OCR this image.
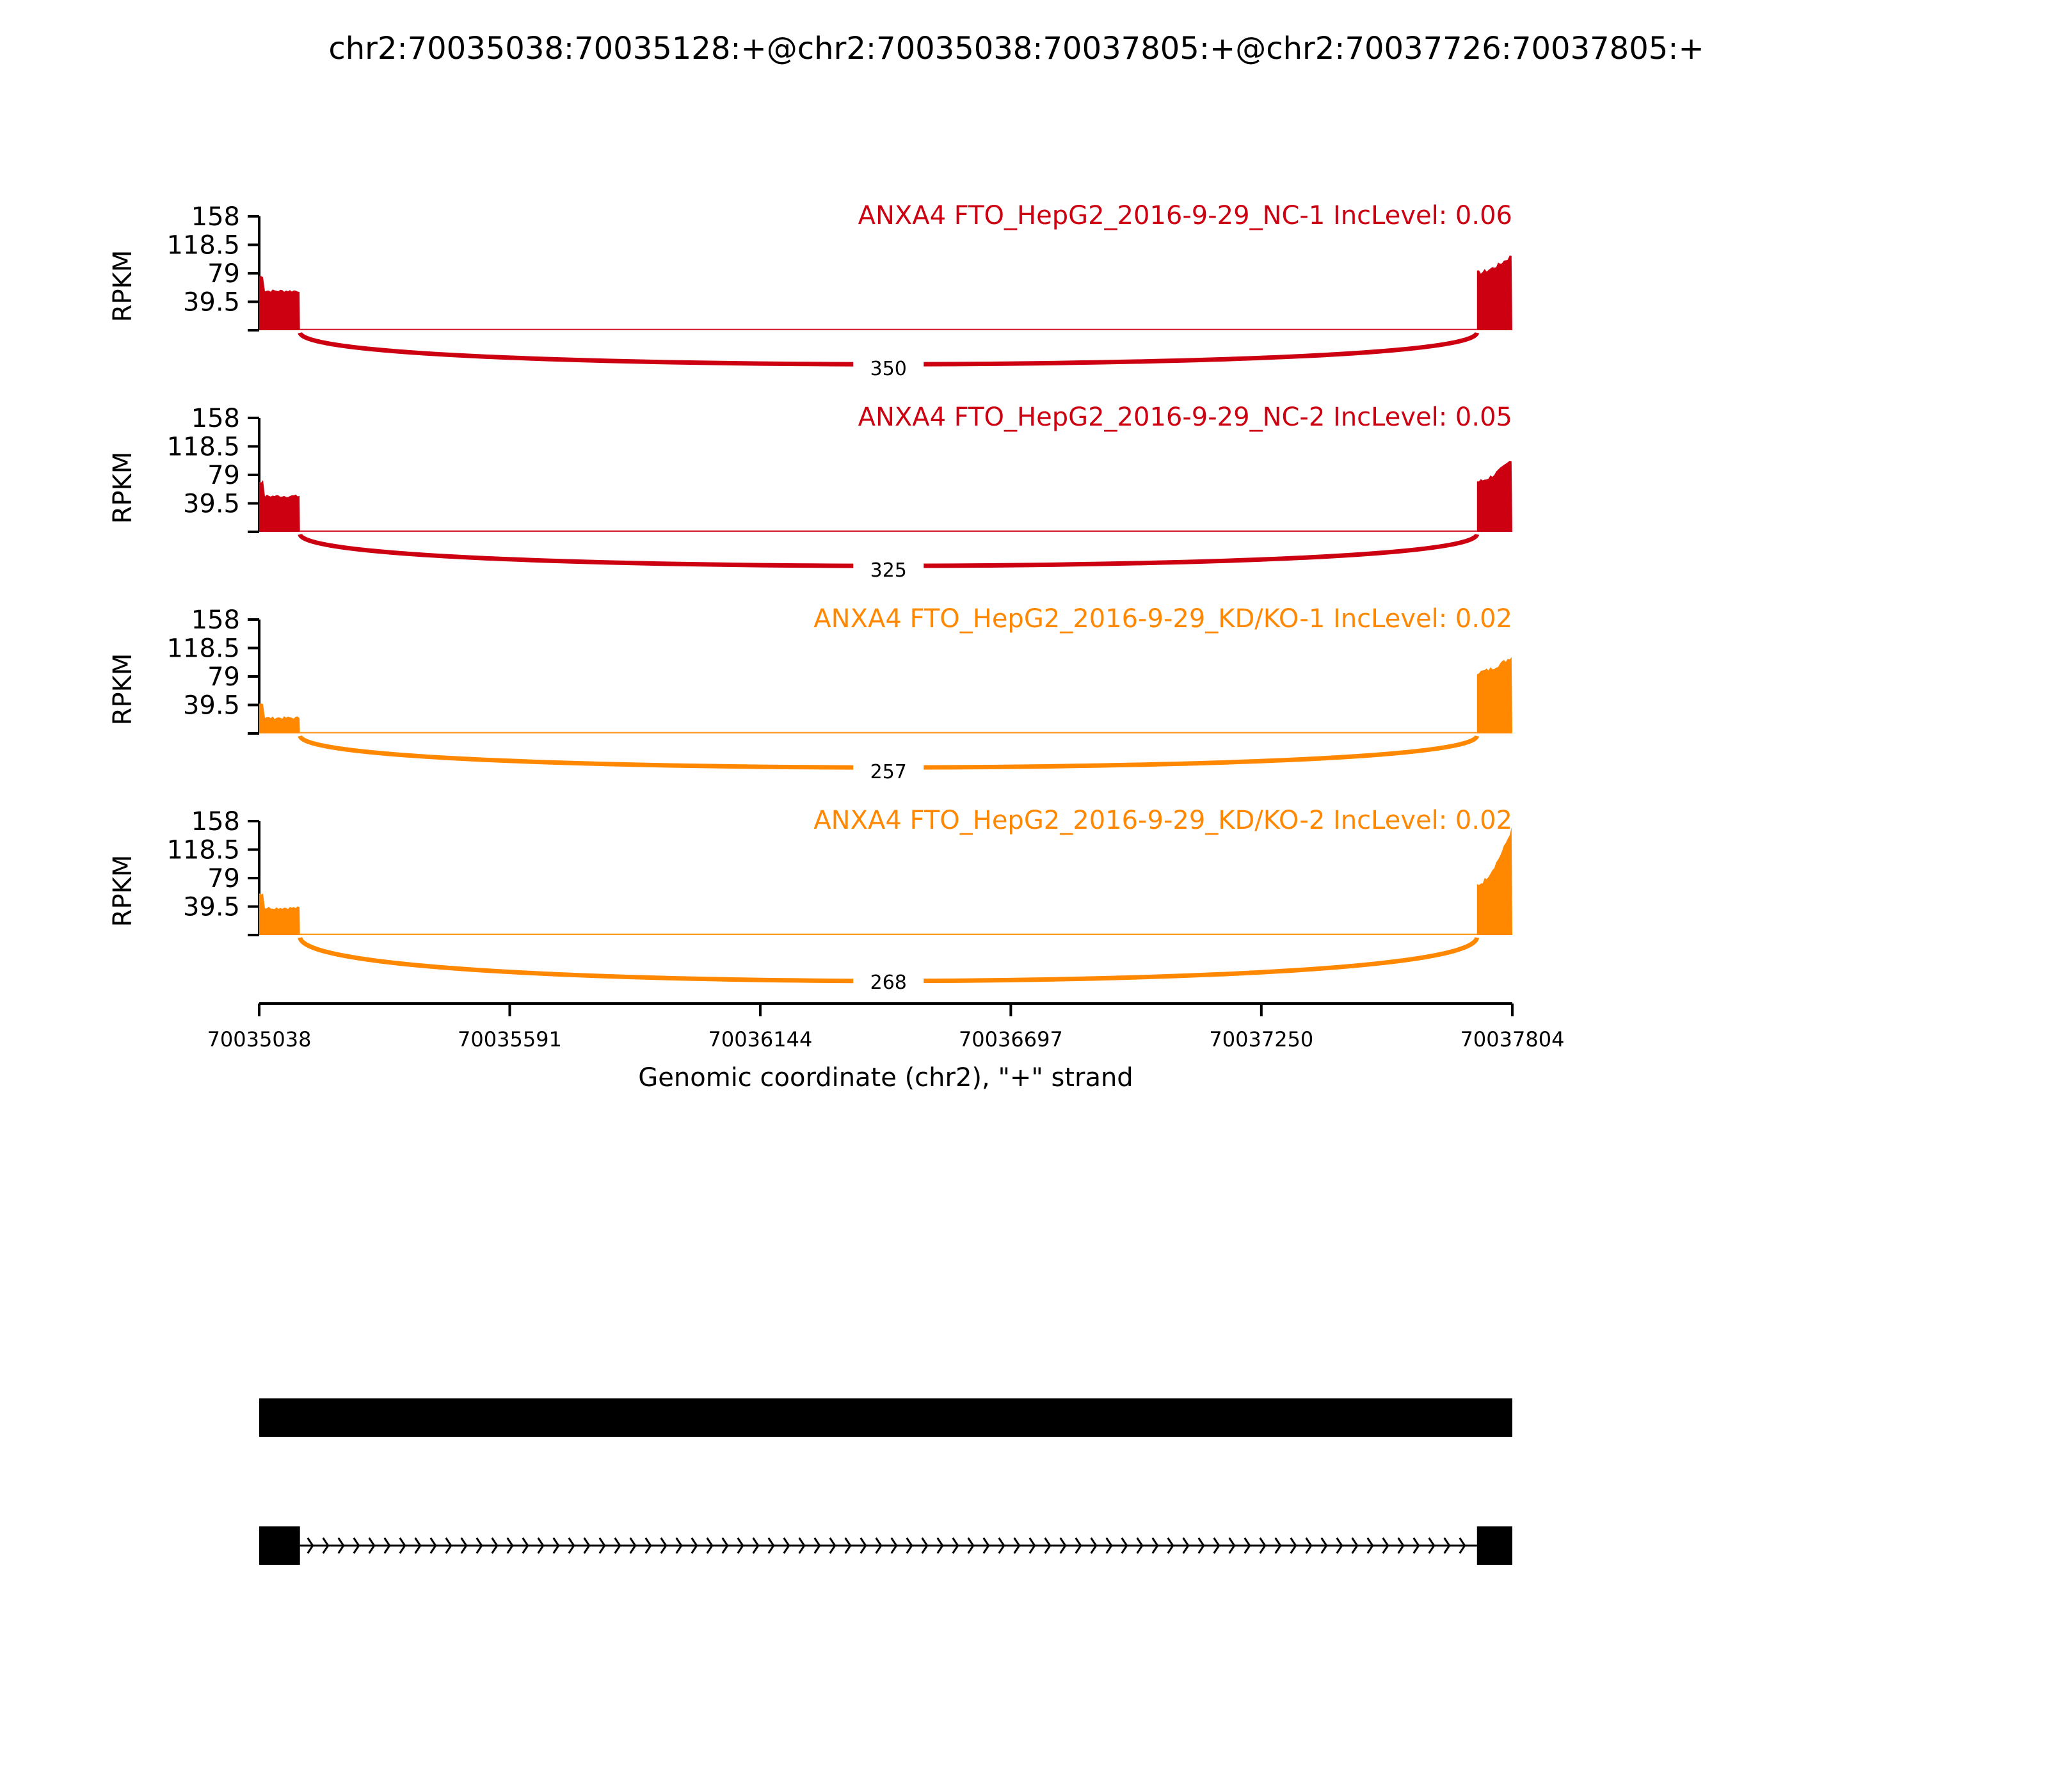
chr2:70035038:70035128:+@chr2:70035038:70037805:+@chr2:70037726:70037805:+
158
118.5
79
39.5
RPKM
ANXA4 FTO_HepG2_2016-9-29_NC-1 IncLevel: 0.06
350
158
118.5
79
39.5
RPKM
ANXA4 FTO_HepG2_2016-9-29_NC-2 IncLevel: 0.05
325
158
118.5
79
39.5
RPKM
ANXA4 FTO_HepG2_2016-9-29_KD/KO-1 IncLevel: 0.02
257
158
118.5
79
39.5
RPKM
ANXA4 FTO_HepG2_2016-9-29_KD/KO-2 IncLevel: 0.02
268
70035038	70035591	70036144	70036697	70037250	70037804
Genomic coordinate (chr2), "+" strand
